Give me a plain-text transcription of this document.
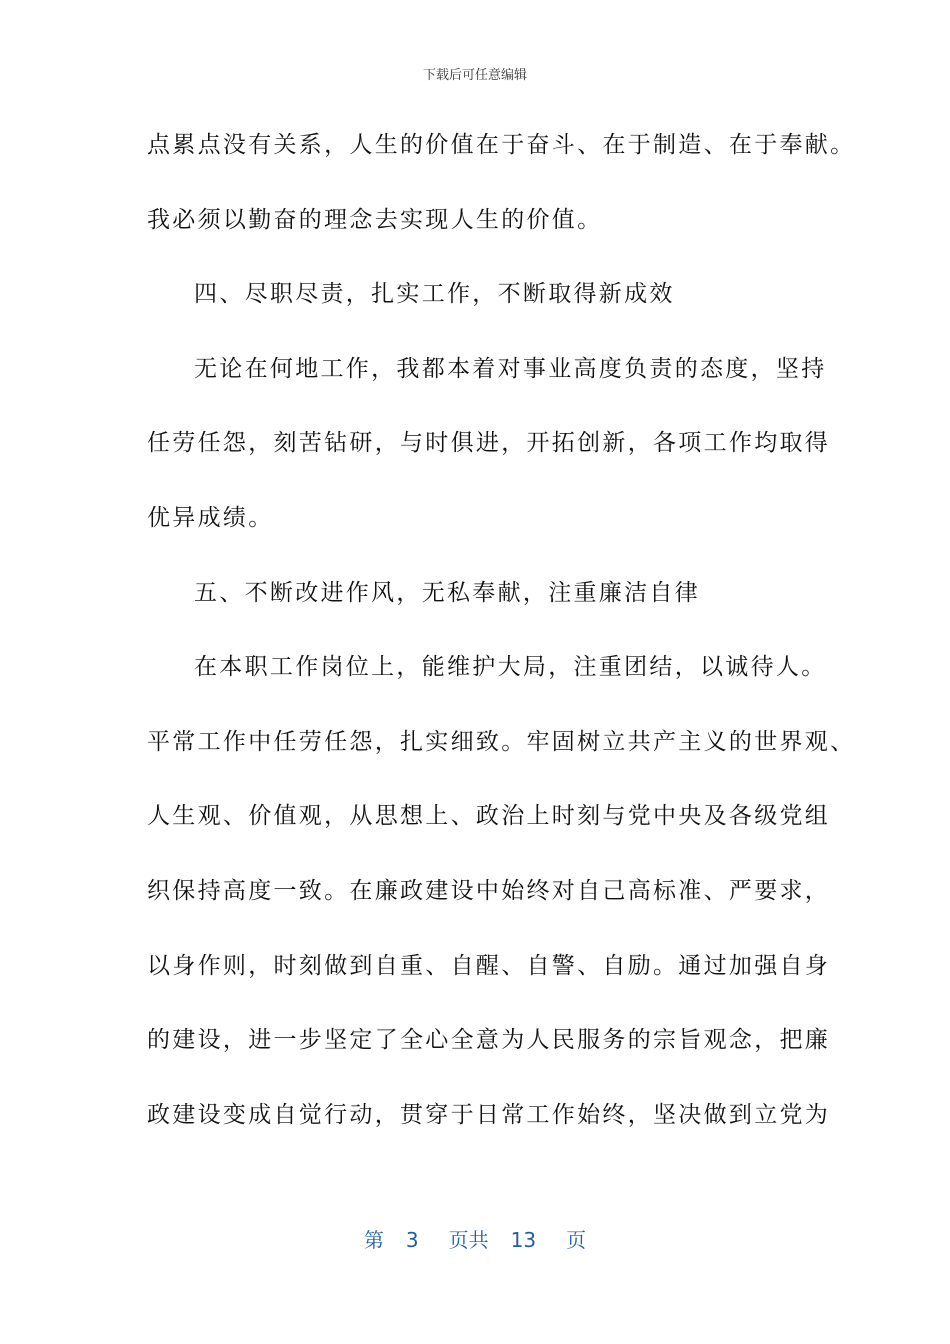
下载后可任意编辑
点累点没有关系，人生的价值在于奋斗、在于制造、在于奉献。
我必须以勤奋的理念去实现人生的价值。
四、尽职尽责，扎实工作，不断取得新成效
无论在何地工作，我都本着对事业高度负责的态度，坚持
任劳任怨，刻苦钻研，与时俱进，开拓创新，各项工作均取得
优异成绩。
五、不断改进作风，无私奉献，注重廉洁自律
在本职工作岗位上，能维护大局，注重团结，以诚待人。
平常工作中任劳任怨，扎实细致。牢固树立共产主义的世界观、
人生观、价值观，从思想上、政治上时刻与党中央及各级党组
织保持高度一致。在廉政建设中始终对自己高标准、严要求，
以身作则，时刻做到自重、自醒、自警、自励。通过加强自身
的建设，进一步坚定了全心全意为人民服务的宗旨观念，把廉
政建设变成自觉行动，贯穿于日常工作始终，坚决做到立党为
第 3 页共 13 页
